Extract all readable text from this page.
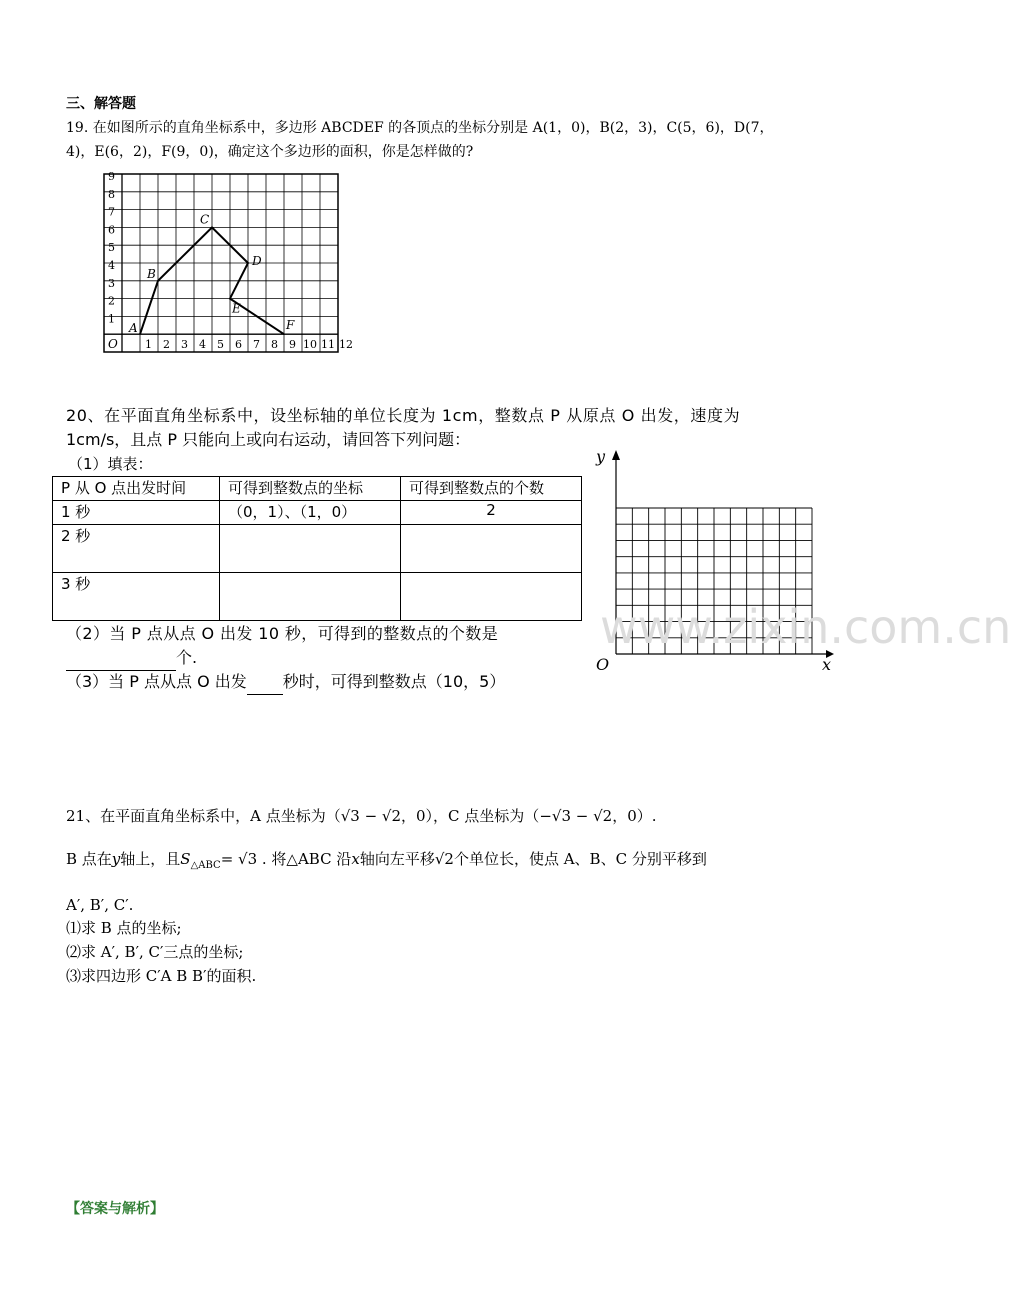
三、解答题
19. 在如图所示的直角坐标系中，多边形 ABCDEF 的各顶点的坐标分别是 A(1，0)，B(2，3)，C(5，6)，D(7，
4)，E(6，2)，F(9，0)，确定这个多边形的面积，你是怎样做的?
1
2
3
4
5
6
7
8
9
O 1 2 3 4 5 6 7 8 9 10 11 12
A
B
C
D
E
F
20、在平面直角坐标系中，设坐标轴的单位长度为 1cm，整数点 P 从原点 O 出发，速度为
1cm/s，且点 P 只能向上或向右运动，请回答下列问题：
（1）填表：
P 从 O 点出发时间	可得到整数点的坐标	可得到整数点的个数
1 秒	（0，1）、（1，0）	2
2 秒		
3 秒		
（2）当 P 点从点 O 出发 10 秒，可得到的整数点的个数是
个.
（3）当 P 点从点 O 出发 秒时，可得到整数点（10，5）
x
y
O
www.zixin.com.cn
21、在平面直角坐标系中，A 点坐标为（√3 − √2，0），C 点坐标为（−√3 − √2，0）.
B 点在y轴上，且$S_{\triangle ABC}= √3$ . 将△ABC 沿x轴向左平移√2个单位长，使点 A、B、C 分别平移到
A′, B′, C′.
⑴求 B 点的坐标;
⑵求 A′, B′, C′三点的坐标;
⑶求四边形 C′A B B′的面积.
【答案与解析】
